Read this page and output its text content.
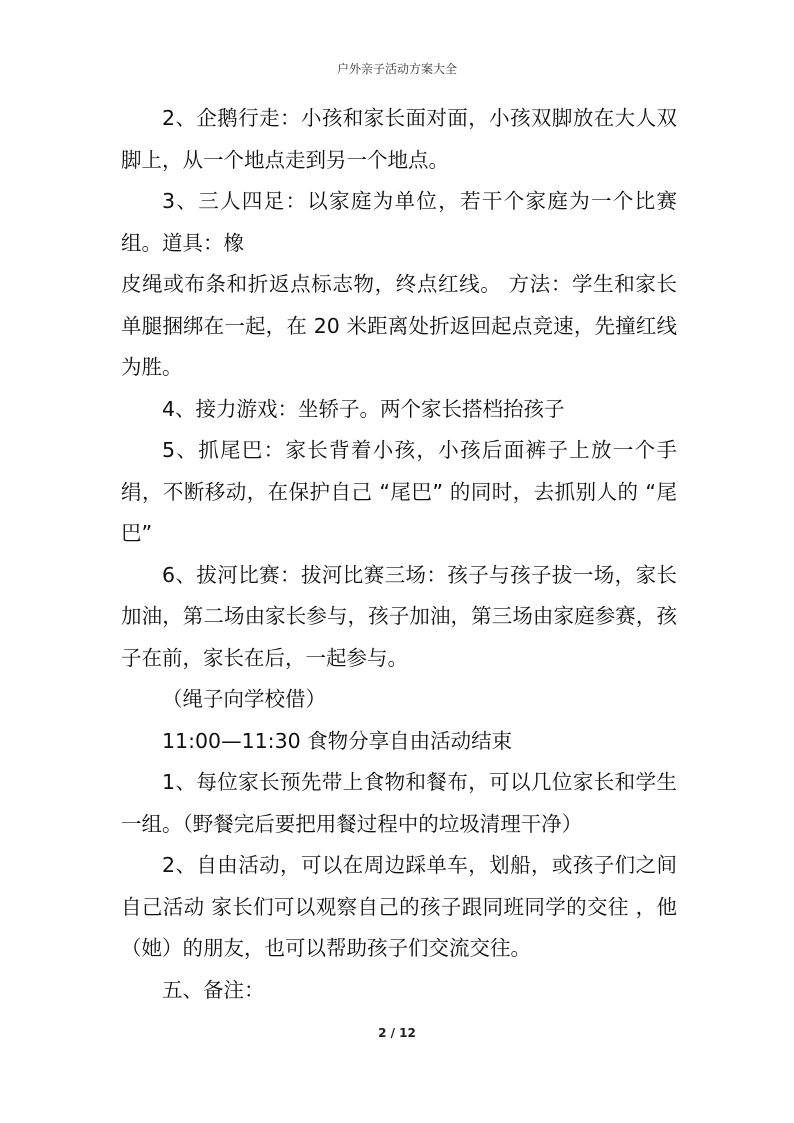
户外亲子活动方案大全

2、企鹅行走：小孩和家长面对面，小孩双脚放在大人双脚上，从一个地点走到另一个地点。

3、三人四足：以家庭为单位，若干个家庭为一个比赛组。道具：橡

皮绳或布条和折返点标志物，终点红线。 方法：学生和家长单腿捆绑在一起，在 20 米距离处折返回起点竞速，先撞红线为胜。

4、接力游戏：坐轿子。两个家长搭档抬孩子

5、抓尾巴：家长背着小孩，小孩后面裤子上放一个手绢，不断移动，在保护自己 “尾巴” 的同时，去抓别人的 “尾巴”

6、拔河比赛：拔河比赛三场：孩子与孩子拔一场，家长加油，第二场由家长参与，孩子加油，第三场由家庭参赛，孩子在前，家长在后，一起参与。

（绳子向学校借）

11:00—11:30 食物分享自由活动结束

1、每位家长预先带上食物和餐布，可以几位家长和学生一组。（野餐完后要把用餐过程中的垃圾清理干净）

2、自由活动，可以在周边踩单车，划船，或孩子们之间自己活动 家长们可以观察自己的孩子跟同班同学的交往 ，他（她）的朋友，也可以帮助孩子们交流交往。

五、备注：

2 / 12
